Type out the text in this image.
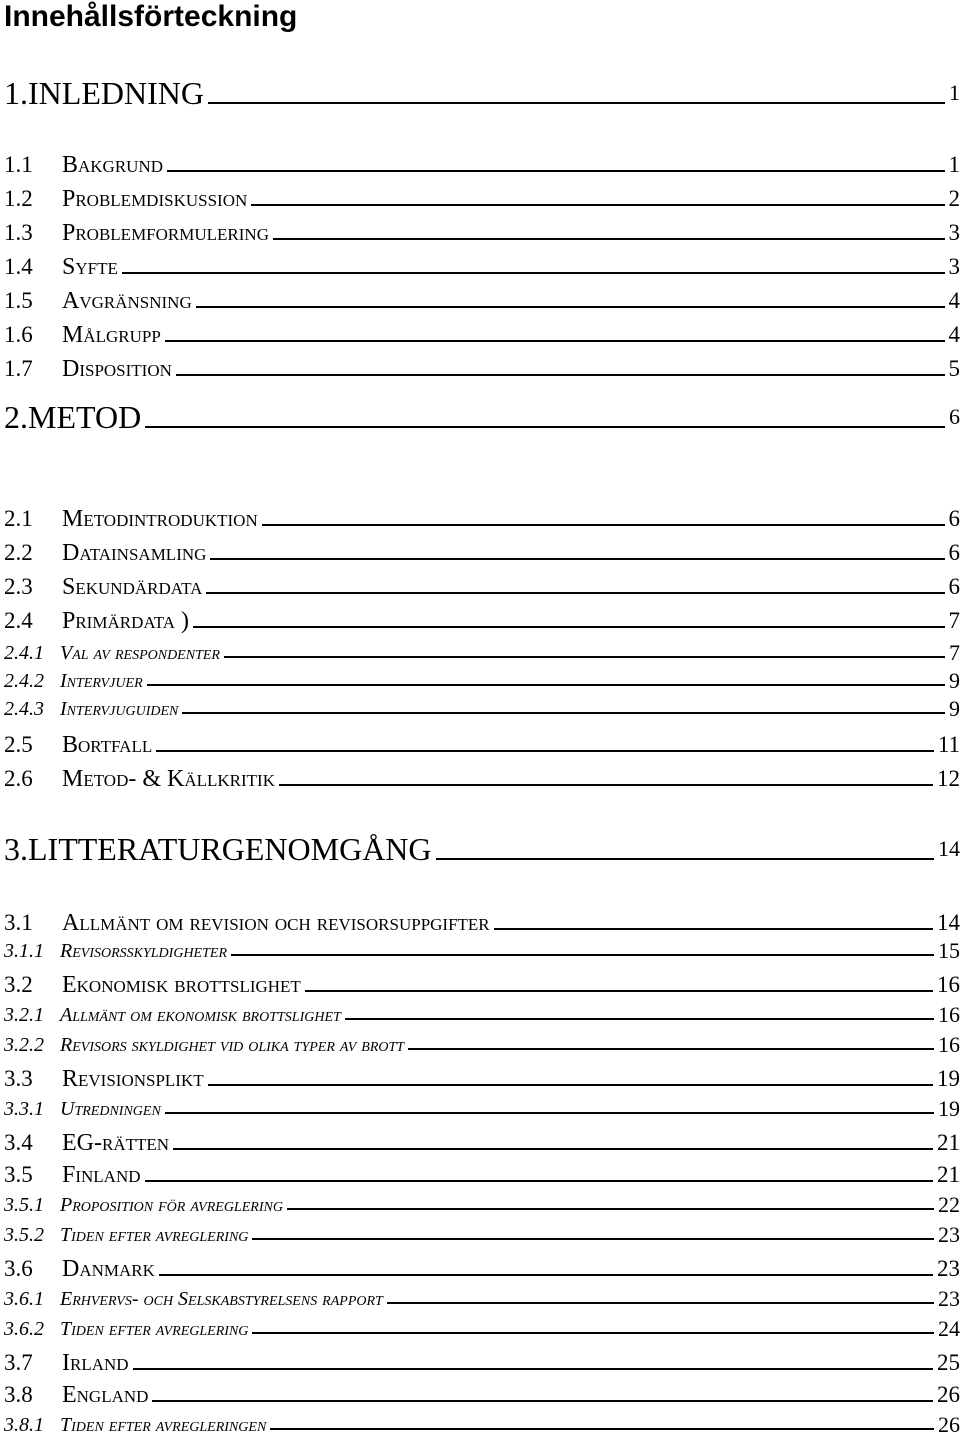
Innehållsförteckning
1.INLEDNING	1
1.1 Bakgrund	1
1.2 Problemdiskussion	2
1.3 Problemformulering	3
1.4 Syfte	3
1.5 Avgränsning	4
1.6 Målgrupp	4
1.7 Disposition	5
2.METOD	6
2.1 Metodintroduktion	6
2.2 Datainsamling	6
2.3 Sekundärdata	6
2.4 Primärdata )	7
2.4.1 Val av respondenter	7
2.4.2 Intervjuer	9
2.4.3 Intervjuguiden	9
2.5 Bortfall	11
2.6 Metod- & Källkritik	12
3.LITTERATURGENOMGÅNG	14
3.1 Allmänt om revision och revisorsuppgifter	14
3.1.1 Revisorsskyldigheter	15
3.2 Ekonomisk brottslighet	16
3.2.1 Allmänt om ekonomisk brottslighet	16
3.2.2 Revisors skyldighet vid olika typer av brott	16
3.3 Revisionsplikt	19
3.3.1 Utredningen	19
3.4 EG-rätten	21
3.5 Finland	21
3.5.1 Proposition för avreglering	22
3.5.2 Tiden efter avreglering	23
3.6 Danmark	23
3.6.1 Erhvervs- och Selskabstyrelsens rapport	23
3.6.2 Tiden efter avreglering	24
3.7 Irland	25
3.8 England	26
3.8.1 Tiden efter avregleringen	26
